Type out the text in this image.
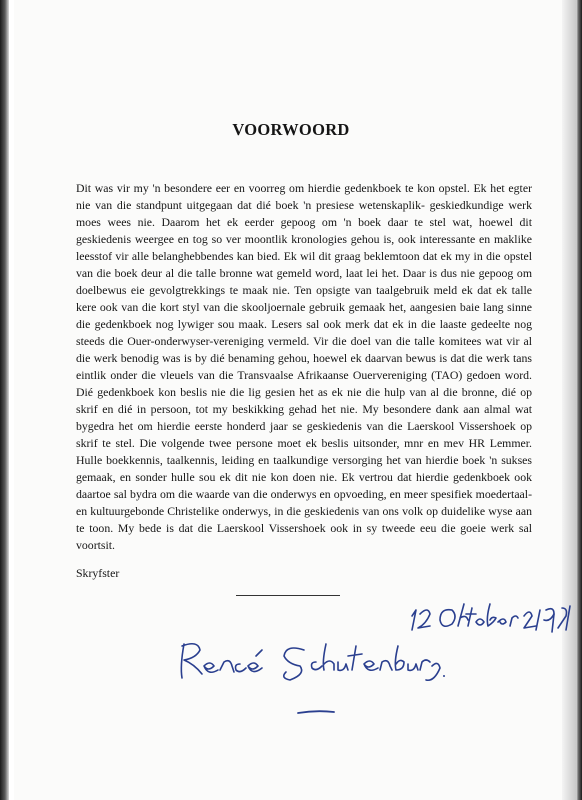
VOORWOORD
Dit was vir my 'n besondere eer en voorreg om hierdie gedenkboek te kon opstel. Ek het egter nie van die standpunt uitgegaan dat dié boek 'n presiese wetenskaplik- geskiedkundige werk moes wees nie. Daarom het ek eerder gepoog om 'n boek daar te stel wat, hoewel dit geskiedenis weergee en tog so ver moontlik kronologies gehou is, ook interessante en maklike leesstof vir alle belanghebbendes kan bied. Ek wil dit graag beklemtoon dat ek my in die opstel van die boek deur al die talle bronne wat gemeld word, laat lei het. Daar is dus nie gepoog om doelbewus eie gevolgtrekkings te maak nie. Ten opsigte van taalgebruik meld ek dat ek talle kere ook van die kort styl van die skooljoernale gebruik gemaak het, aangesien baie lang sinne die gedenkboek nog lywiger sou maak. Lesers sal ook merk dat ek in die laaste gedeelte nog steeds die Ouer-onderwyser-vereniging vermeld. Vir die doel van die talle komitees wat vir al die werk benodig was is by dié benaming gehou, hoewel ek daarvan bewus is dat die werk tans eintlik onder die vleuels van die Transvaalse Afrikaanse Ouervereniging (TAO) gedoen word. Dié gedenkboek kon beslis nie die lig gesien het as ek nie die hulp van al die bronne, dié op skrif en dié in persoon, tot my beskikking gehad het nie. My besondere dank aan almal wat bygedra het om hierdie eerste honderd jaar se geskiedenis van die Laerskool Vissershoek op skrif te stel. Die volgende twee persone moet ek beslis uitsonder, mnr en mev HR Lemmer. Hulle boekkennis, taalkennis, leiding en taalkundige versorging het van hierdie boek 'n sukses gemaak, en sonder hulle sou ek dit nie kon doen nie. Ek vertrou dat hierdie gedenkboek ook daartoe sal bydra om die waarde van die onderwys en opvoeding, en meer spesifiek moedertaal- en kultuurgebonde Christelike onderwys, in die geskiedenis van ons volk op duidelike wyse aan te toon. My bede is dat die Laerskool Vissershoek ook in sy tweede eeu die goeie werk sal voortsit.
Skryfster
